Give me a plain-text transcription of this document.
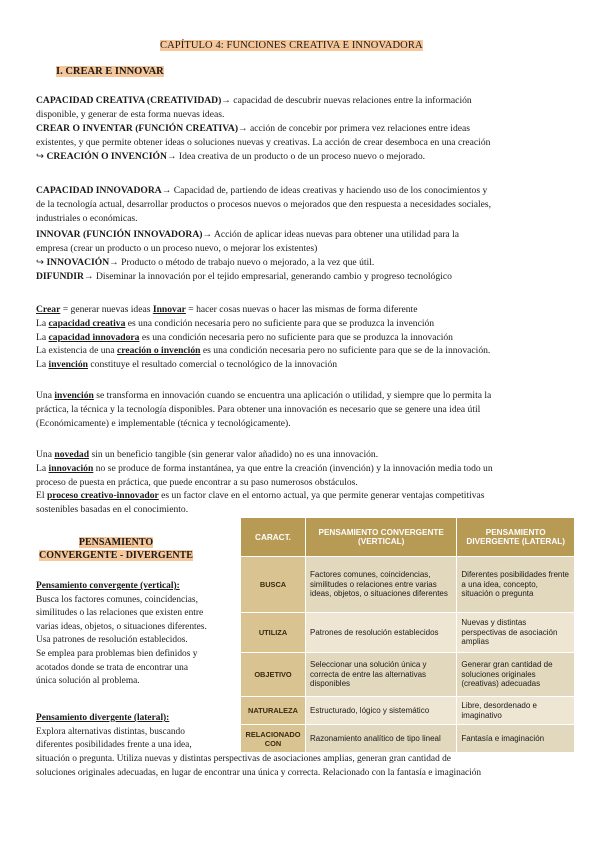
CAPÍTULO 4: FUNCIONES CREATIVA E INNOVADORA
I. CREAR E INNOVAR
CAPACIDAD CREATIVA (CREATIVIDAD)→ capacidad de descubrir nuevas relaciones entre la información
disponible, y generar de esta forma nuevas ideas.
CREAR O INVENTAR (FUNCIÓN CREATIVA)→ acción de concebir por primera vez relaciones entre ideas
existentes, y que permite obtener ideas o soluciones nuevas y creativas. La acción de crear desemboca en una creación
↪ CREACIÓN O INVENCIÓN→ Idea creativa de un producto o de un proceso nuevo o mejorado.
CAPACIDAD INNOVADORA→ Capacidad de, partiendo de ideas creativas y haciendo uso de los conocimientos y
de la tecnología actual, desarrollar productos o procesos nuevos o mejorados que den respuesta a necesidades sociales,
industriales o económicas.
INNOVAR (FUNCIÓN INNOVADORA)→ Acción de aplicar ideas nuevas para obtener una utilidad para la
empresa (crear un producto o un proceso nuevo, o mejorar los existentes)
↪ INNOVACIÓN→ Producto o método de trabajo nuevo o mejorado, a la vez que útil.
DIFUNDIR→ Diseminar la innovación por el tejido empresarial, generando cambio y progreso tecnológico
Crear = generar nuevas ideas Innovar = hacer cosas nuevas o hacer las mismas de forma diferente
La capacidad creativa es una condición necesaria pero no suficiente para que se produzca la invención
La capacidad innovadora es una condición necesaria pero no suficiente para que se produzca la innovación
La existencia de una creación o invención es una condición necesaria pero no suficiente para que se de la innovación.
La invención constituye el resultado comercial o tecnológico de la innovación
Una invención se transforma en innovación cuando se encuentra una aplicación o utilidad, y siempre que lo permita la
práctica, la técnica y la tecnología disponibles. Para obtener una innovación es necesario que se genere una idea útil
(Económicamente) e implementable (técnica y tecnológicamente).
Una novedad sin un beneficio tangible (sin generar valor añadido) no es una innovación.
La innovación no se produce de forma instantánea, ya que entre la creación (invención) y la innovación media todo un
proceso de puesta en práctica, que puede encontrar a su paso numerosos obstáculos.
El proceso creativo-innovador es un factor clave en el entorno actual, ya que permite generar ventajas competitivas
sostenibles basadas en el conocimiento.
PENSAMIENTO
CONVERGENTE - DIVERGENTE
Pensamiento convergente (vertical):
Busca los factores comunes, coincidencias,
similitudes o las relaciones que existen entre
varias ideas, objetos, o situaciones diferentes.
Usa patrones de resolución establecidos.
Se emplea para problemas bien definidos y
acotados donde se trata de encontrar una
única solución al problema.
Pensamiento divergente (lateral):
Explora alternativas distintas, buscando
diferentes posibilidades frente a una idea,
situación o pregunta. Utiliza nuevas y distintas perspectivas de asociaciones amplias, generan gran cantidad de
soluciones originales adecuadas, en lugar de encontrar una única y correcta. Relacionado con la fantasía e imaginación
CARACT.	PENSAMIENTO CONVERGENTE (VERTICAL)	PENSAMIENTO DIVERGENTE (LATERAL)
BUSCA	Factores comunes, coincidencias, similitudes o relaciones entre varias ideas, objetos, o situaciones diferentes	Diferentes posibilidades frente a una idea, concepto, situación o pregunta
UTILIZA	Patrones de resolución establecidos	Nuevas y distintas perspectivas de asociación amplias
OBJETIVO	Seleccionar una solución única y correcta de entre las alternativas disponibles	Generar gran cantidad de soluciones originales (creativas) adecuadas
NATURALEZA	Estructurado, lógico y sistemático	Libre, desordenado e imaginativo
RELACIONADO CON	Razonamiento analítico de tipo lineal	Fantasía e imaginación
